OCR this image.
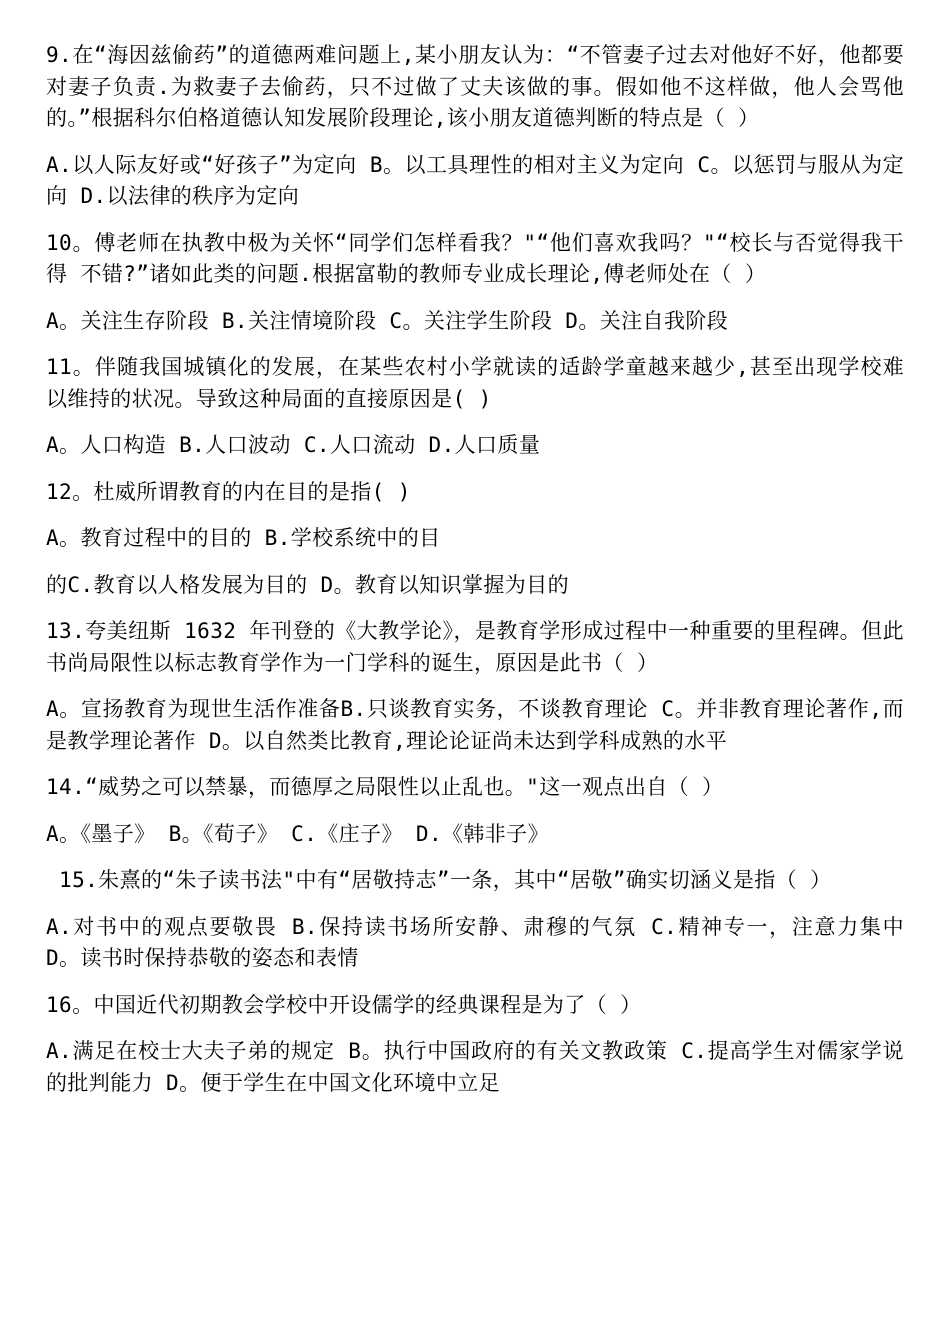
9.在“海因兹偷药”的道德两难问题上,某小朋友认为：“不管妻子过去对他好不好，他都要 对妻子负责.为救妻子去偷药，只不过做了丈夫该做的事。假如他不这样做，他人会骂他 的。”根据科尔伯格道德认知发展阶段理论,该小朋友道德判断的特点是（ ）

A.以人际友好或“好孩子”为定向 B。以工具理性的相对主义为定向 C。以惩罚与服从为定向 D.以法律的秩序为定向

10。傅老师在执教中极为关怀“同学们怎样看我？"“他们喜欢我吗？"“校长与否觉得我干得 不错?”诸如此类的问题.根据富勒的教师专业成长理论,傅老师处在（ ）

A。关注生存阶段 B.关注情境阶段 C。关注学生阶段 D。关注自我阶段

11。伴随我国城镇化的发展，在某些农村小学就读的适龄学童越来越少,甚至出现学校难 以维持的状况。导致这种局面的直接原因是( )

A。人口构造 B.人口波动 C.人口流动 D.人口质量

12。杜威所谓教育的内在目的是指( )

A。教育过程中的目的 B.学校系统中的目

的C.教育以人格发展为目的 D。教育以知识掌握为目的

13.夸美纽斯 1632 年刊登的《大教学论》，是教育学形成过程中一种重要的里程碑。但此 书尚局限性以标志教育学作为一门学科的诞生，原因是此书（ ）

A。宣扬教育为现世生活作准备B.只谈教育实务，不谈教育理论 C。并非教育理论著作,而是教学理论著作 D。以自然类比教育,理论论证尚未达到学科成熟的水平

14.“威势之可以禁暴，而德厚之局限性以止乱也。"这一观点出自（ ）

A。《墨子》 B。《荀子》 C.《庄子》 D.《韩非子》

15.朱熹的“朱子读书法"中有“居敬持志”一条，其中“居敬”确实切涵义是指（ ）

A.对书中的观点要敬畏 B.保持读书场所安静、肃穆的气氛 C.精神专一，注意力集中 D。读书时保持恭敬的姿态和表情

16。中国近代初期教会学校中开设儒学的经典课程是为了（ ）

A.满足在校士大夫子弟的规定 B。执行中国政府的有关文教政策 C.提高学生对儒家学说的批判能力 D。便于学生在中国文化环境中立足
